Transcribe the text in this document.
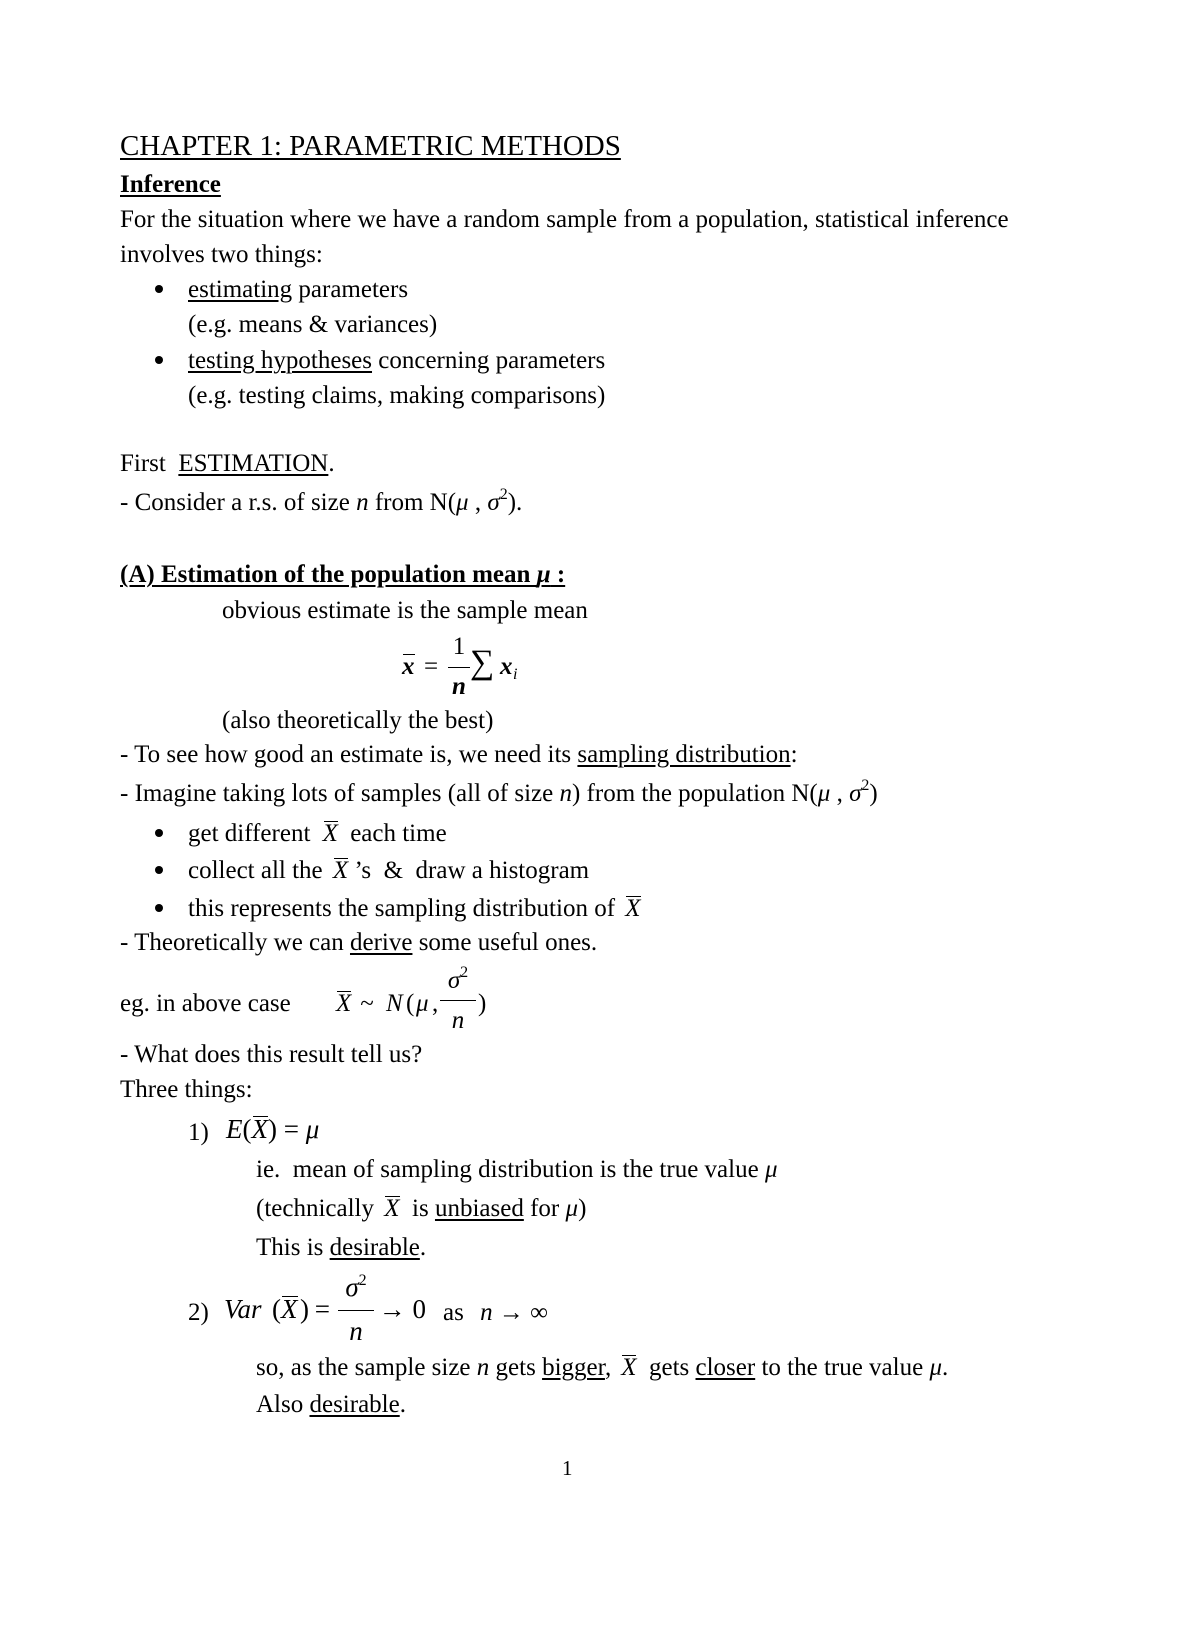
CHAPTER 1: PARAMETRIC METHODS
Inference
For the situation where we have a random sample from a population, statistical inference
involves two things:
estimating parameters
(e.g. means & variances)
testing hypotheses concerning parameters
(e.g. testing claims, making comparisons)
First  ESTIMATION.
- Consider a r.s. of size n from N(μ , $\sigma^2$).
(A) Estimation of the population mean μ :
obvious estimate is the sample mean
x =
1
n
∑ x i
(also theoretically the best)
- To see how good an estimate is, we need its sampling distribution:
- Imagine taking lots of samples (all of size n) from the population N(μ , $\sigma^2$)
get different X each time
collect all the X ’s  &  draw a histogram
this represents the sampling distribution of X
- Theoretically we can derive some useful ones.
eg. in above case X ~ N ( μ ,
$\sigma^2$
n
)
- What does this result tell us?
Three things:
1) E(X) = μ
ie.  mean of sampling distribution is the true value μ
(technically X  is unbiased for μ)
This is desirable.
2) Var ( X ) =
$\sigma^2$
n
→ 0 as n → ∞
so, as the sample size n gets bigger, X  gets closer to the true value μ.
Also desirable.
1
